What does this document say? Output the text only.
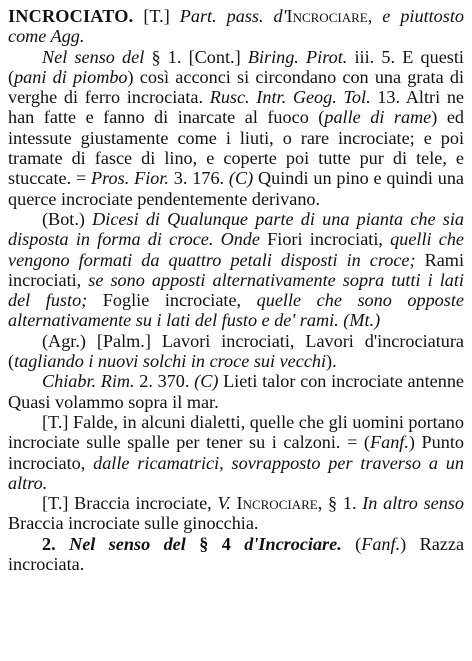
INCROCIATO. [T.] Part. pass. d'Incrociare, e piuttosto come Agg.

Nel senso del § 1. [Cont.] Biring. Pirot. iii. 5. E questi (pani di piombo) così acconci si circondano con una grata di verghe di ferro incrociata. Rusc. Intr. Geog. Tol. 13. Altri ne han fatte e fanno di inarcate al fuoco (palle di rame) ed intessute giustamente come i liuti, o rare incrociate; e poi tramate di fasce di lino, e coperte poi tutte pur di tele, e stuccate. = Pros. Fior. 3. 176. (C) Quindi un pino e quindi una querce incrociate pendentemente derivano.

(Bot.) Dicesi di Qualunque parte di una pianta che sia disposta in forma di croce. Onde Fiori incrociati, quelli che vengono formati da quattro petali disposti in croce; Rami incrociati, se sono apposti alternativamente sopra tutti i lati del fusto; Foglie incrociate, quelle che sono opposte alternativamente su i lati del fusto e de' rami. (Mt.)

(Agr.) [Palm.] Lavori incrociati, Lavori d'incrociatura (tagliando i nuovi solchi in croce sui vecchi).

Chiabr. Rim. 2. 370. (C) Lieti talor con incrociate antenne Quasi volammo sopra il mar.

[T.] Falde, in alcuni dialetti, quelle che gli uomini portano incrociate sulle spalle per tener su i calzoni. = (Fanf.) Punto incrociato, dalle ricamatrici, sovrapposto per traverso a un altro.

[T.] Braccia incrociate, V. Incrociare, § 1. In altro senso Braccia incrociate sulle ginocchia.

2. Nel senso del § 4 d'Incrociare. (Fanf.) Razza incrociata.
